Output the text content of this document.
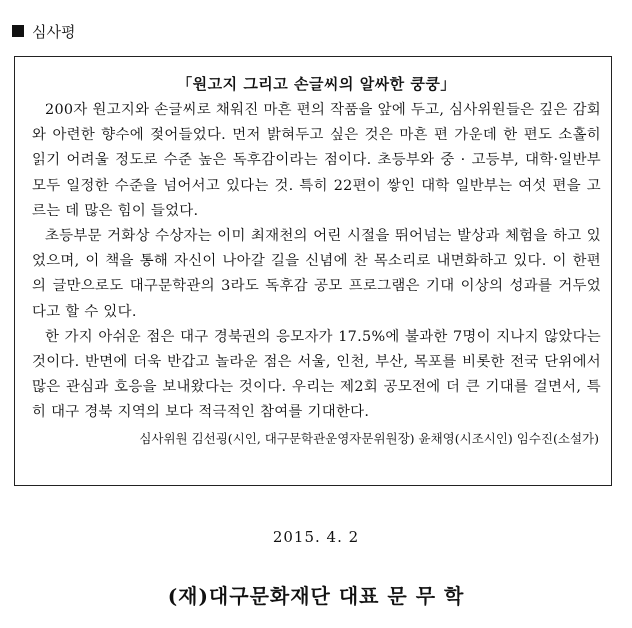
심사평
「원고지 그리고 손글씨의 알싸한 쿵쿵」

200자 원고지와 손글씨로 채워진 마흔 편의 작품을 앞에 두고, 심사위원들은 깊은 감회와 아련한 향수에 젖어들었다. 먼저 밝혀두고 싶은 것은 마흔 편 가운데 한 편도 소홀히 읽기 어려울 정도로 수준 높은 독후감이라는 점이다. 초등부와 중 · 고등부, 대학·일반부 모두 일정한 수준을 넘어서고 있다는 것. 특히 22편이 쌓인 대학 일반부는 여섯 편을 고르는 데 많은 힘이 들었다.

초등부문 거화상 수상자는 이미 최재천의 어린 시절을 뛰어넘는 발상과 체험을 하고 있었으며, 이 책을 통해 자신이 나아갈 길을 신념에 찬 목소리로 내면화하고 있다. 이 한편의 글만으로도 대구문학관의 3라도 독후감 공모 프로그램은 기대 이상의 성과를 거두었다고 할 수 있다.

한 가지 아쉬운 점은 대구 경북권의 응모자가 17.5%에 불과한 7명이 지나지 않았다는 것이다. 반면에 더욱 반갑고 놀라운 점은 서울, 인천, 부산, 목포를 비롯한 전국 단위에서 많은 관심과 호응을 보내왔다는 것이다. 우리는 제2회 공모전에 더 큰 기대를 걸면서, 특히 대구 경북 지역의 보다 적극적인 참여를 기대한다.

심사위원 김선굉(시인, 대구문학관운영자문위원장) 윤채영(시조시인) 임수진(소설가)
2015. 4. 2
(재)대구문화재단 대표 문 무 학
